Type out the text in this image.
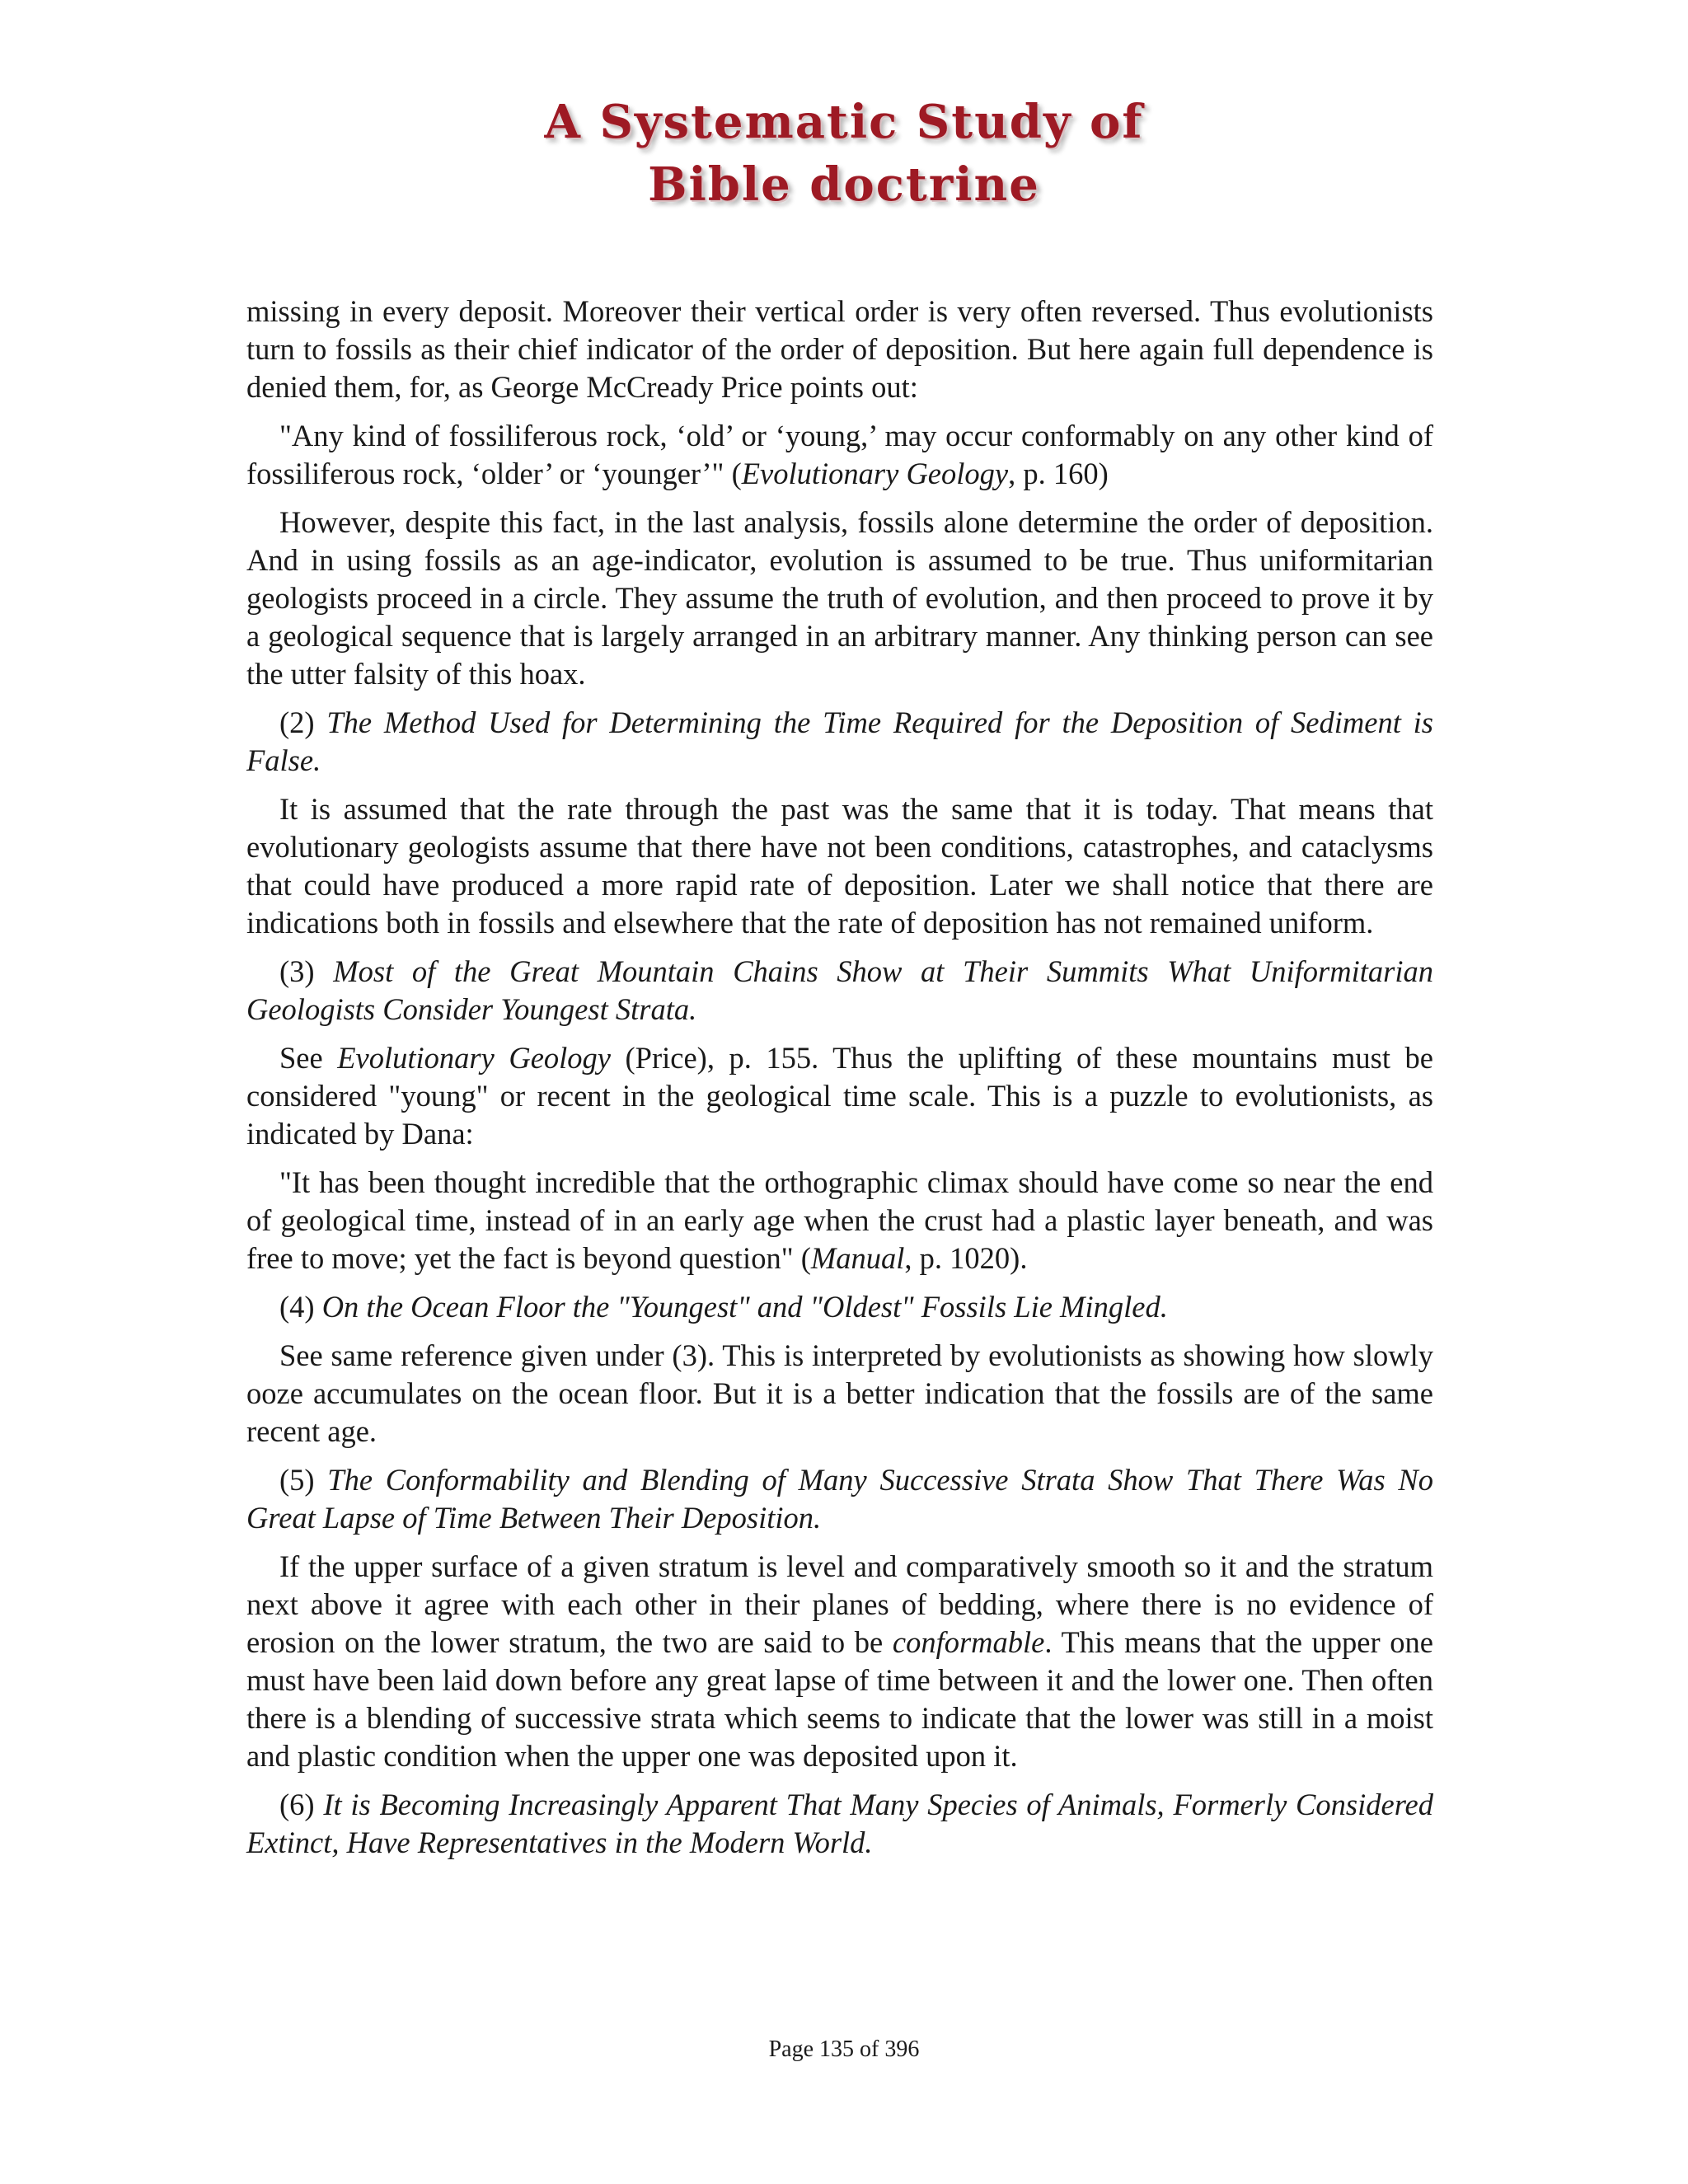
A Systematic Study of
Bible doctrine

missing in every deposit. Moreover their vertical order is very often reversed. Thus evolutionists turn to fossils as their chief indicator of the order of deposition. But here again full dependence is denied them, for, as George McCready Price points out:

"Any kind of fossiliferous rock, ‘old’ or ‘young,’ may occur conformably on any other kind of fossiliferous rock, ‘older’ or ‘younger’" (Evolutionary Geology, p. 160)

However, despite this fact, in the last analysis, fossils alone determine the order of deposition. And in using fossils as an age-indicator, evolution is assumed to be true. Thus uniformitarian geologists proceed in a circle. They assume the truth of evolution, and then proceed to prove it by a geological sequence that is largely arranged in an arbitrary manner. Any thinking person can see the utter falsity of this hoax.

(2) The Method Used for Determining the Time Required for the Deposition of Sediment is False.

It is assumed that the rate through the past was the same that it is today. That means that evolutionary geologists assume that there have not been conditions, catastrophes, and cataclysms that could have produced a more rapid rate of deposition. Later we shall notice that there are indications both in fossils and elsewhere that the rate of deposition has not remained uniform.

(3) Most of the Great Mountain Chains Show at Their Summits What Uniformitarian Geologists Consider Youngest Strata.

See Evolutionary Geology (Price), p. 155. Thus the uplifting of these mountains must be considered "young" or recent in the geological time scale. This is a puzzle to evolutionists, as indicated by Dana:

"It has been thought incredible that the orthographic climax should have come so near the end of geological time, instead of in an early age when the crust had a plastic layer beneath, and was free to move; yet the fact is beyond question" (Manual, p. 1020).

(4) On the Ocean Floor the "Youngest" and "Oldest" Fossils Lie Mingled.

See same reference given under (3). This is interpreted by evolutionists as showing how slowly ooze accumulates on the ocean floor. But it is a better indication that the fossils are of the same recent age.

(5) The Conformability and Blending of Many Successive Strata Show That There Was No Great Lapse of Time Between Their Deposition.

If the upper surface of a given stratum is level and comparatively smooth so it and the stratum next above it agree with each other in their planes of bedding, where there is no evidence of erosion on the lower stratum, the two are said to be conformable. This means that the upper one must have been laid down before any great lapse of time between it and the lower one. Then often there is a blending of successive strata which seems to indicate that the lower was still in a moist and plastic condition when the upper one was deposited upon it.

(6) It is Becoming Increasingly Apparent That Many Species of Animals, Formerly Considered Extinct, Have Representatives in the Modern World.

Page 135 of 396
